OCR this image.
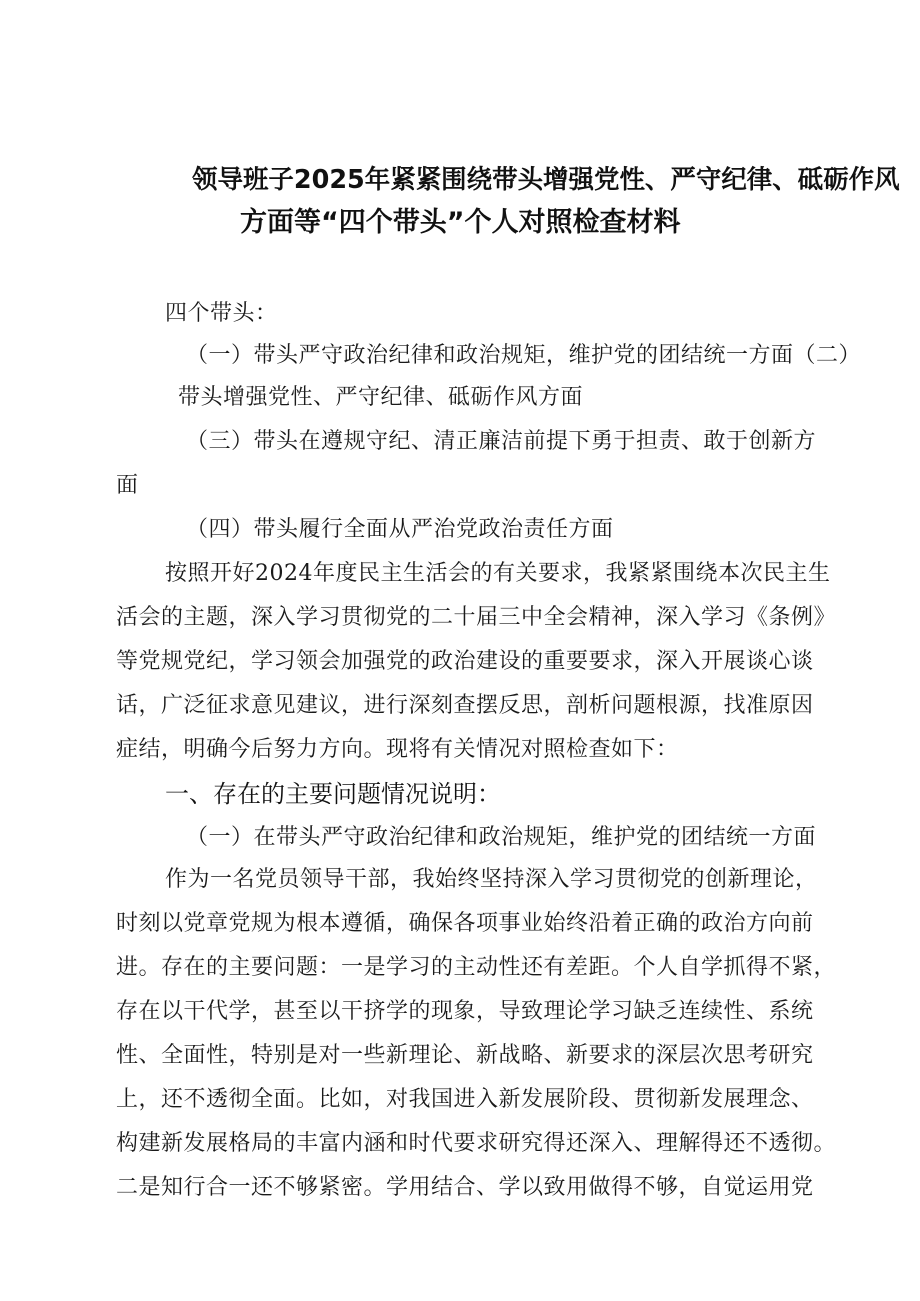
领导班子2025年紧紧围绕带头增强党性、严守纪律、砥砺作风
方面等“四个带头”个人对照检查材料
四个带头：
（一）带头严守政治纪律和政治规矩，维护党的团结统一方面（二）
带头增强党性、严守纪律、砥砺作风方面
（三）带头在遵规守纪、清正廉洁前提下勇于担责、敢于创新方
面
（四）带头履行全面从严治党政治责任方面
按照开好2024年度民主生活会的有关要求，我紧紧围绕本次民主生
活会的主题，深入学习贯彻党的二十届三中全会精神，深入学习《条例》
等党规党纪，学习领会加强党的政治建设的重要要求，深入开展谈心谈
话，广泛征求意见建议，进行深刻查摆反思，剖析问题根源，找准原因
症结，明确今后努力方向。现将有关情况对照检查如下：
一、存在的主要问题情况说明：
（一）在带头严守政治纪律和政治规矩，维护党的团结统一方面
作为一名党员领导干部，我始终坚持深入学习贯彻党的创新理论，
时刻以党章党规为根本遵循，确保各项事业始终沿着正确的政治方向前
进。存在的主要问题：一是学习的主动性还有差距。个人自学抓得不紧，
存在以干代学，甚至以干挤学的现象，导致理论学习缺乏连续性、系统
性、全面性，特别是对一些新理论、新战略、新要求的深层次思考研究
上，还不透彻全面。比如，对我国进入新发展阶段、贯彻新发展理念、
构建新发展格局的丰富内涵和时代要求研究得还深入、理解得还不透彻。
二是知行合一还不够紧密。学用结合、学以致用做得不够，自觉运用党
